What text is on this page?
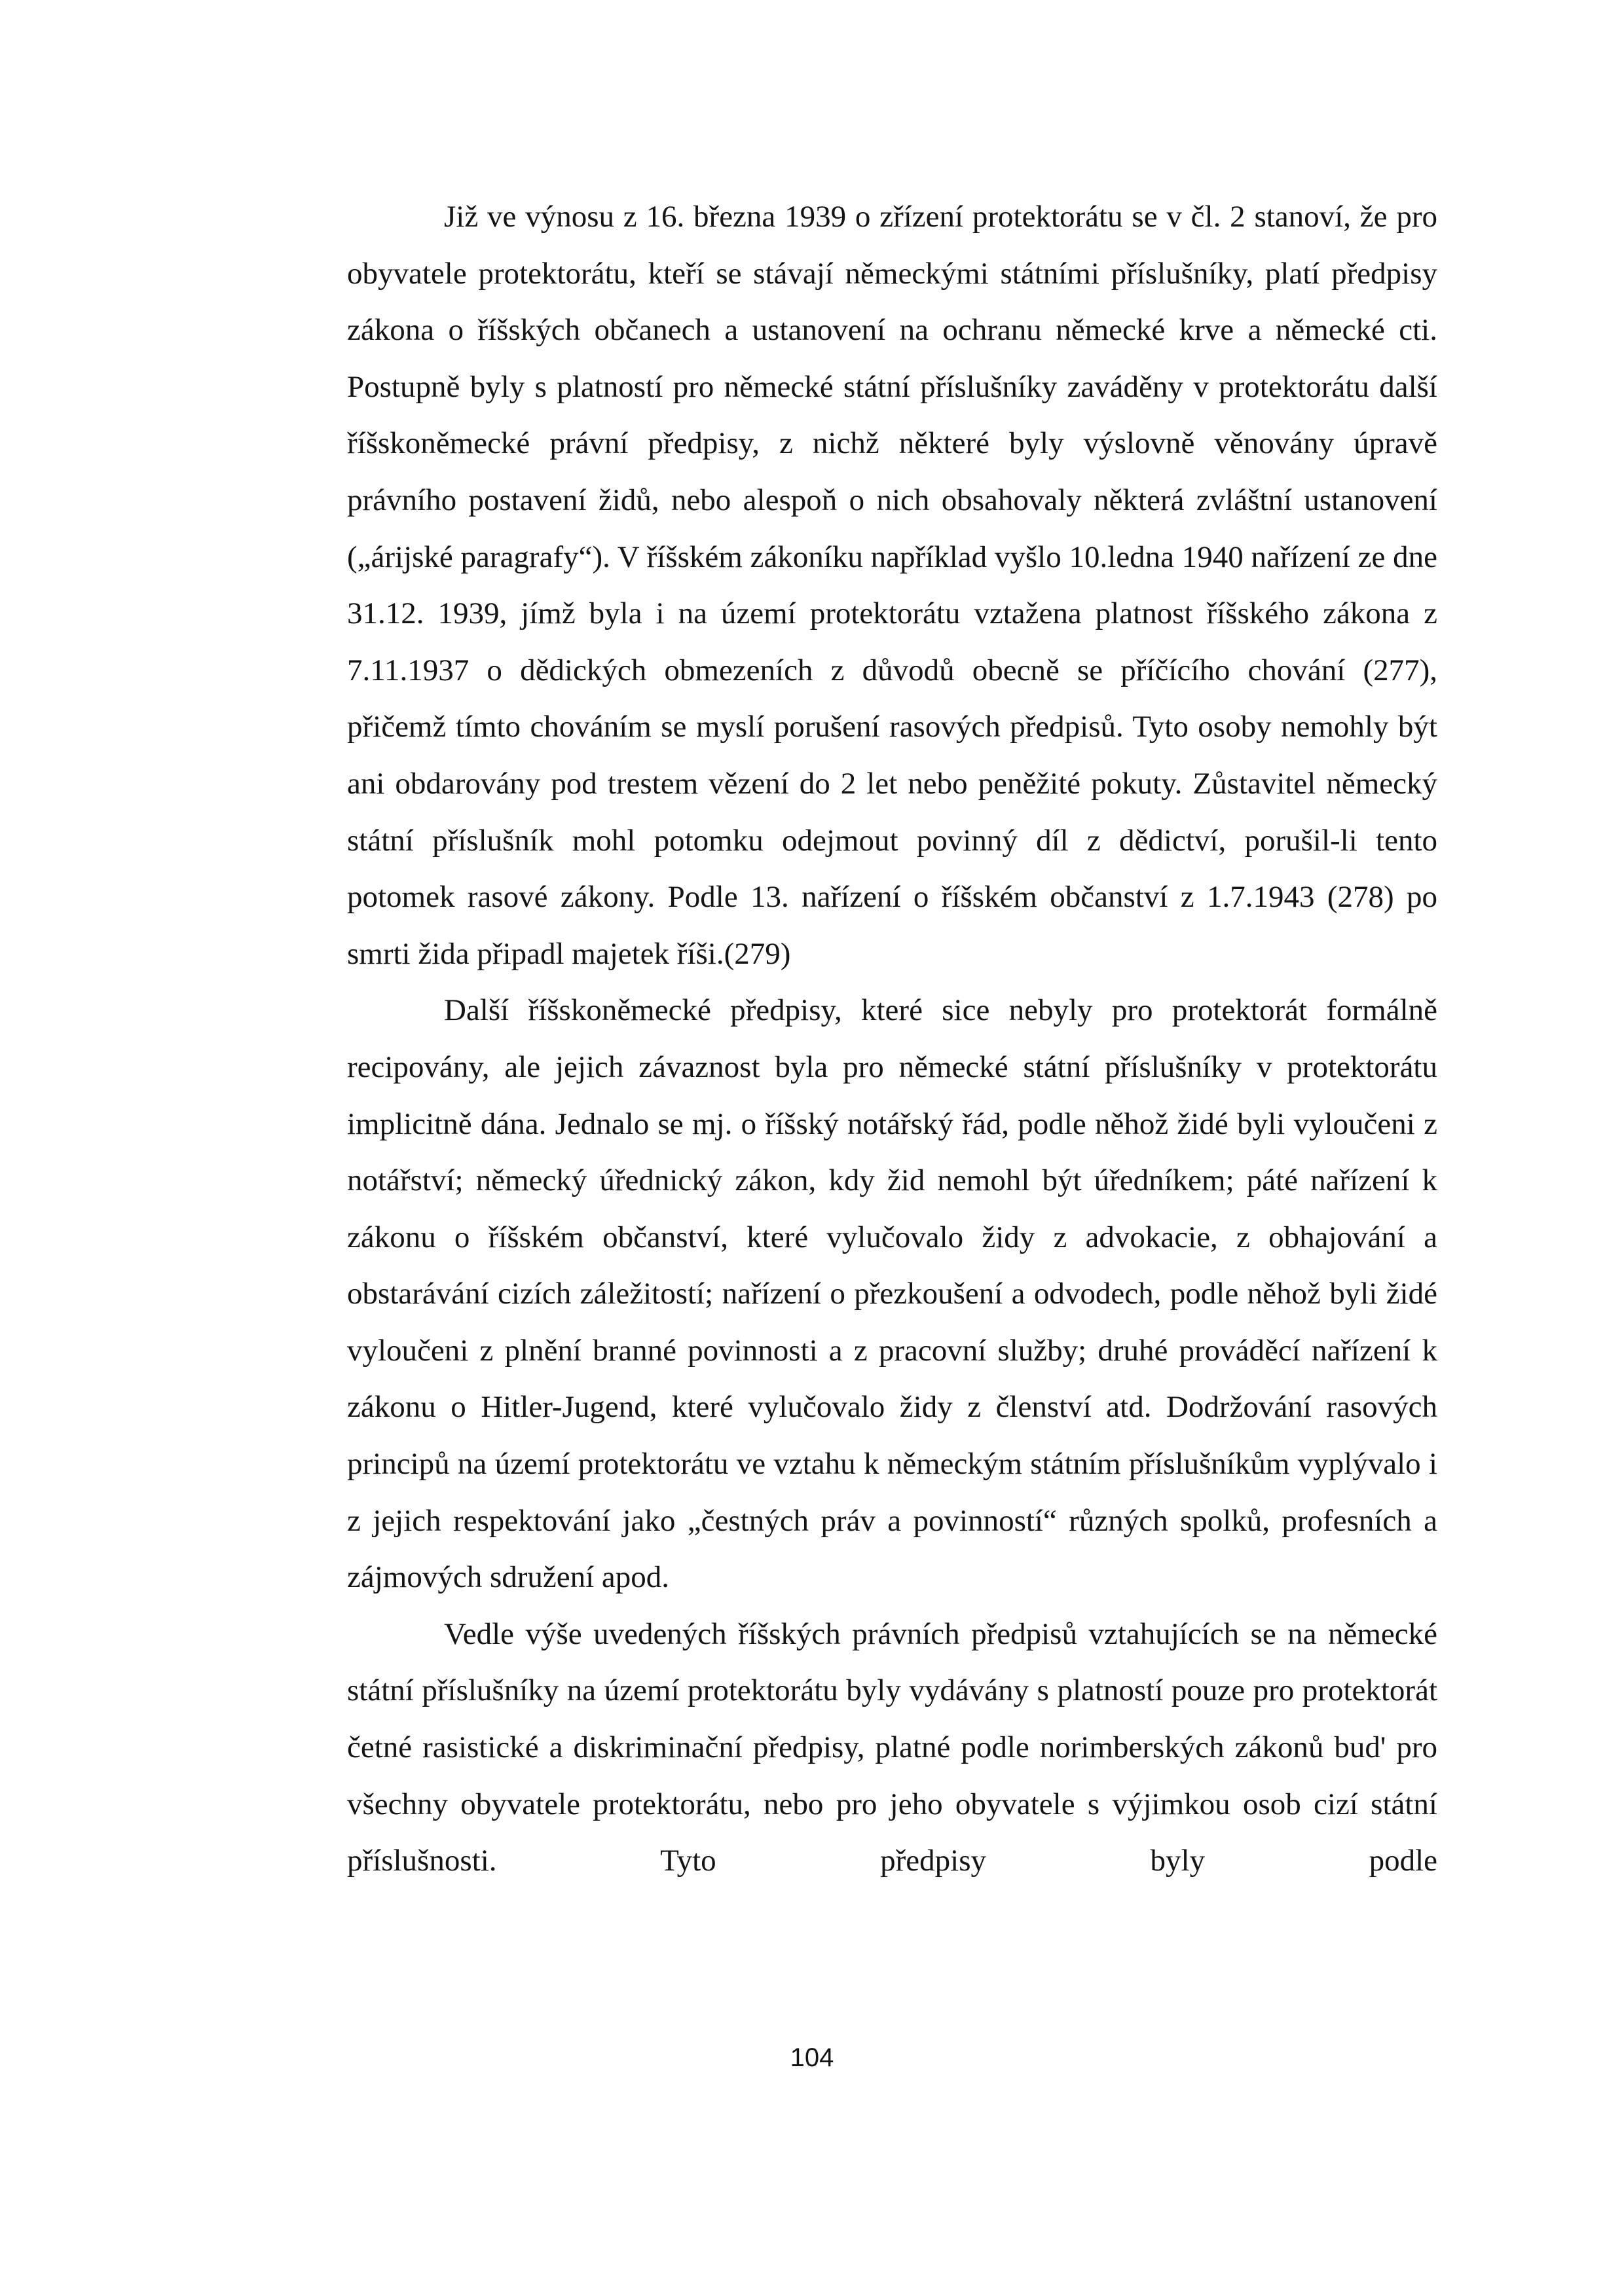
Již ve výnosu z 16. března 1939 o zřízení protektorátu se v čl. 2 stanoví, že pro obyvatele protektorátu, kteří se stávají německými státními příslušníky, platí předpisy zákona o říšských občanech a ustanovení na ochranu německé krve a německé cti. Postupně byly s platností pro německé státní příslušníky zaváděny v protektorátu další říšskoněmecké právní předpisy, z nichž některé byly výslovně věnovány úpravě právního postavení židů, nebo alespoň o nich obsahovaly některá zvláštní ustanovení („árijské paragrafy“). V říšském zákoníku například vyšlo 10.ledna 1940 nařízení ze dne 31.12. 1939, jímž byla i na území protektorátu vztažena platnost říšského zákona z 7.11.1937 o dědických obmezeních z důvodů obecně se příčícího chování (277), přičemž tímto chováním se myslí porušení rasových předpisů. Tyto osoby nemohly být ani obdarovány pod trestem vězení do 2 let nebo peněžité pokuty. Zůstavitel německý státní příslušník mohl potomku odejmout povinný díl z dědictví, porušil-li tento potomek rasové zákony. Podle 13. nařízení o říšském občanství z 1.7.1943 (278) po smrti žida připadl majetek říši.(279)

Další říšskoněmecké předpisy, které sice nebyly pro protektorát formálně recipovány, ale jejich závaznost byla pro německé státní příslušníky v protektorátu implicitně dána. Jednalo se mj. o říšský notářský řád, podle něhož židé byli vyloučeni z notářství; německý úřednický zákon, kdy žid nemohl být úředníkem; páté nařízení k zákonu o říšském občanství, které vylučovalo židy z advokacie, z obhajování a obstarávání cizích záležitostí; nařízení o přezkoušení a odvodech, podle něhož byli židé vyloučeni z plnění branné povinnosti a z pracovní služby; druhé prováděcí nařízení k zákonu o Hitler-Jugend, které vylučovalo židy z členství atd. Dodržování rasových principů na území protektorátu ve vztahu k německým státním příslušníkům vyplývalo i z jejich respektování jako „čestných práv a povinností“ různých spolků, profesních a zájmových sdružení apod.

Vedle výše uvedených říšských právních předpisů vztahujících se na německé státní příslušníky na území protektorátu byly vydávány s platností pouze pro protektorát četné rasistické a diskriminační předpisy, platné podle norimberských zákonů bud' pro všechny obyvatele protektorátu, nebo pro jeho obyvatele s výjimkou osob cizí státní příslušnosti. Tyto předpisy byly podle

104
